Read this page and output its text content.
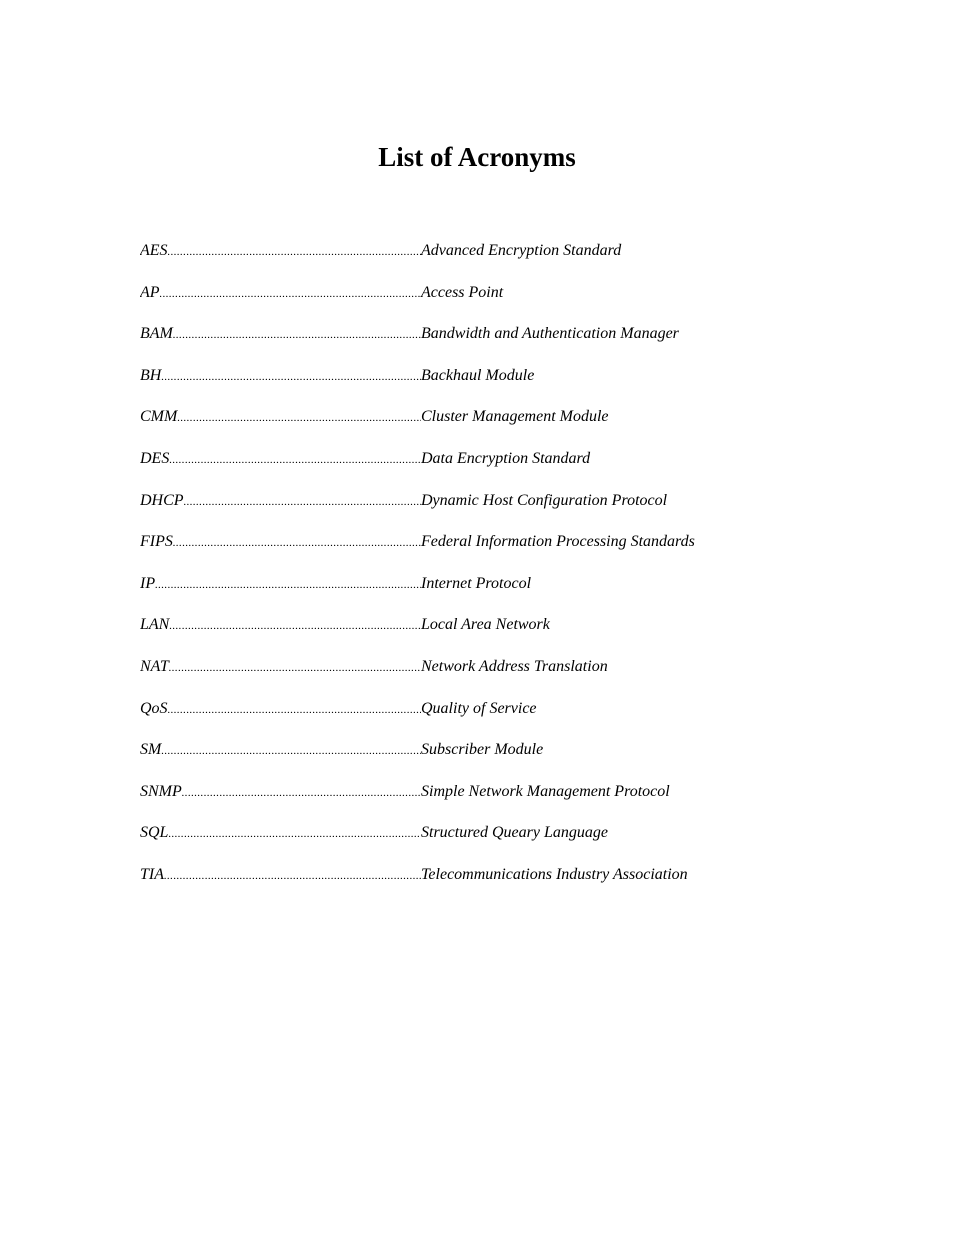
List of Acronyms
AES .....	Advanced Encryption Standard
AP .....	Access Point
BAM .....	Bandwidth and Authentication Manager
BH .....	Backhaul Module
CMM .....	Cluster Management Module
DES .....	Data Encryption Standard
DHCP .....	Dynamic Host Configuration Protocol
FIPS .....	Federal Information Processing Standards
IP .....	Internet Protocol
LAN .....	Local Area Network
NAT .....	Network Address Translation
QoS .....	Quality of Service
SM .....	Subscriber Module
SNMP .....	Simple Network Management Protocol
SQL .....	Structured Queary Language
TIA .....	Telecommunications Industry Association
